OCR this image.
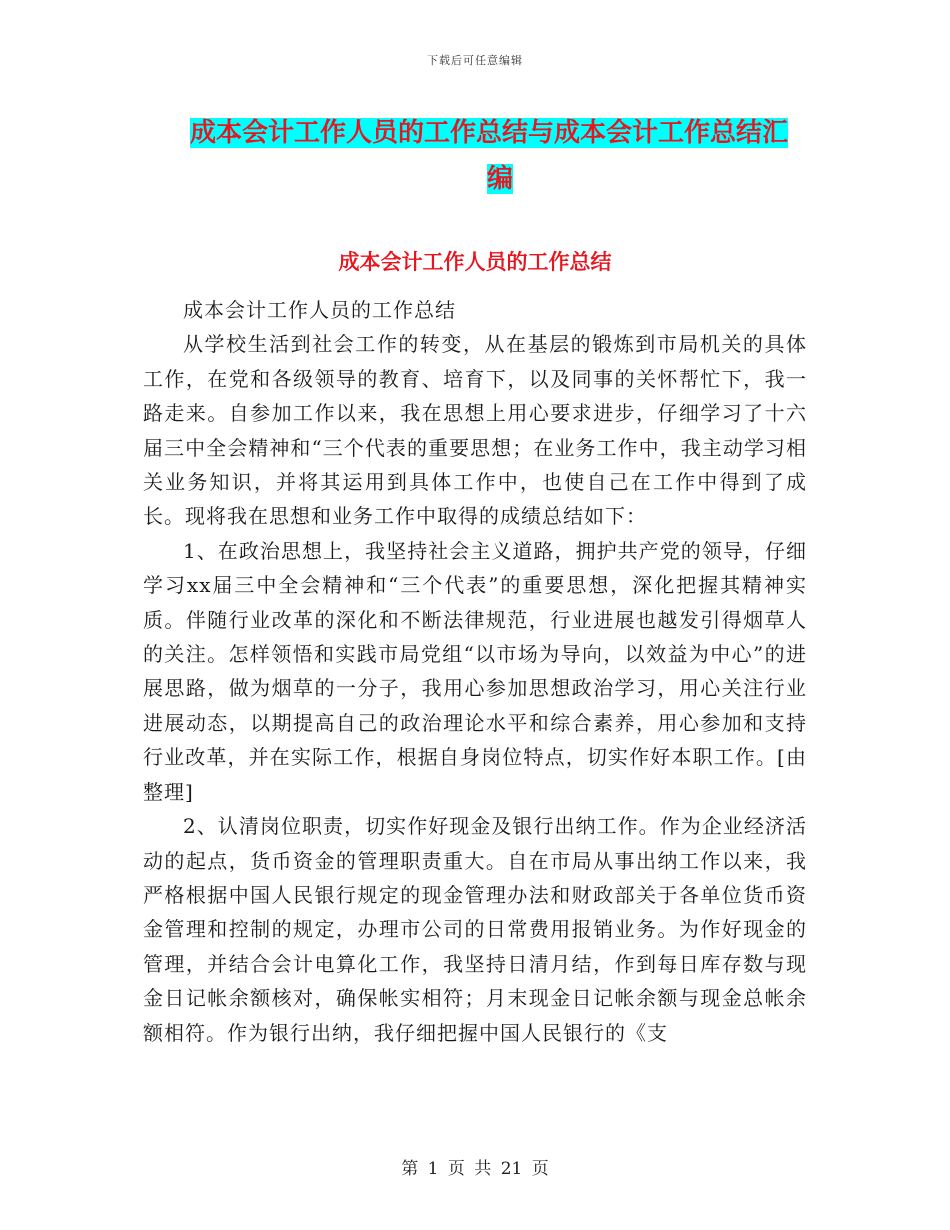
下载后可任意编辑
成本会计工作人员的工作总结与成本会计工作总结汇
编
成本会计工作人员的工作总结

成本会计工作人员的工作总结

从学校生活到社会工作的转变，从在基层的锻炼到市局机关的具体工作，在党和各级领导的教育、培育下，以及同事的关怀帮忙下，我一路走来。自参加工作以来，我在思想上用心要求进步，仔细学习了十六届三中全会精神和“三个代表的重要思想；在业务工作中，我主动学习相关业务知识，并将其运用到具体工作中，也使自己在工作中得到了成长。现将我在思想和业务工作中取得的成绩总结如下：

1、在政治思想上，我坚持社会主义道路，拥护共产党的领导，仔细学习xx届三中全会精神和“三个代表”的重要思想，深化把握其精神实质。伴随行业改革的深化和不断法律规范，行业进展也越发引得烟草人的关注。怎样领悟和实践市局党组“以市场为导向，以效益为中心”的进展思路，做为烟草的一分子，我用心参加思想政治学习，用心关注行业进展动态，以期提高自己的政治理论水平和综合素养，用心参加和支持行业改革，并在实际工作，根据自身岗位特点，切实作好本职工作。[由整理]

2、认清岗位职责，切实作好现金及银行出纳工作。作为企业经济活动的起点，货币资金的管理职责重大。自在市局从事出纳工作以来，我严格根据中国人民银行规定的现金管理办法和财政部关于各单位货币资金管理和控制的规定，办理市公司的日常费用报销业务。为作好现金的管理，并结合会计电算化工作，我坚持日清月结，作到每日库存数与现金日记帐余额核对，确保帐实相符；月末现金日记帐余额与现金总帐余额相符。作为银行出纳，我仔细把握中国人民银行的《支

第 1 页 共 21 页
